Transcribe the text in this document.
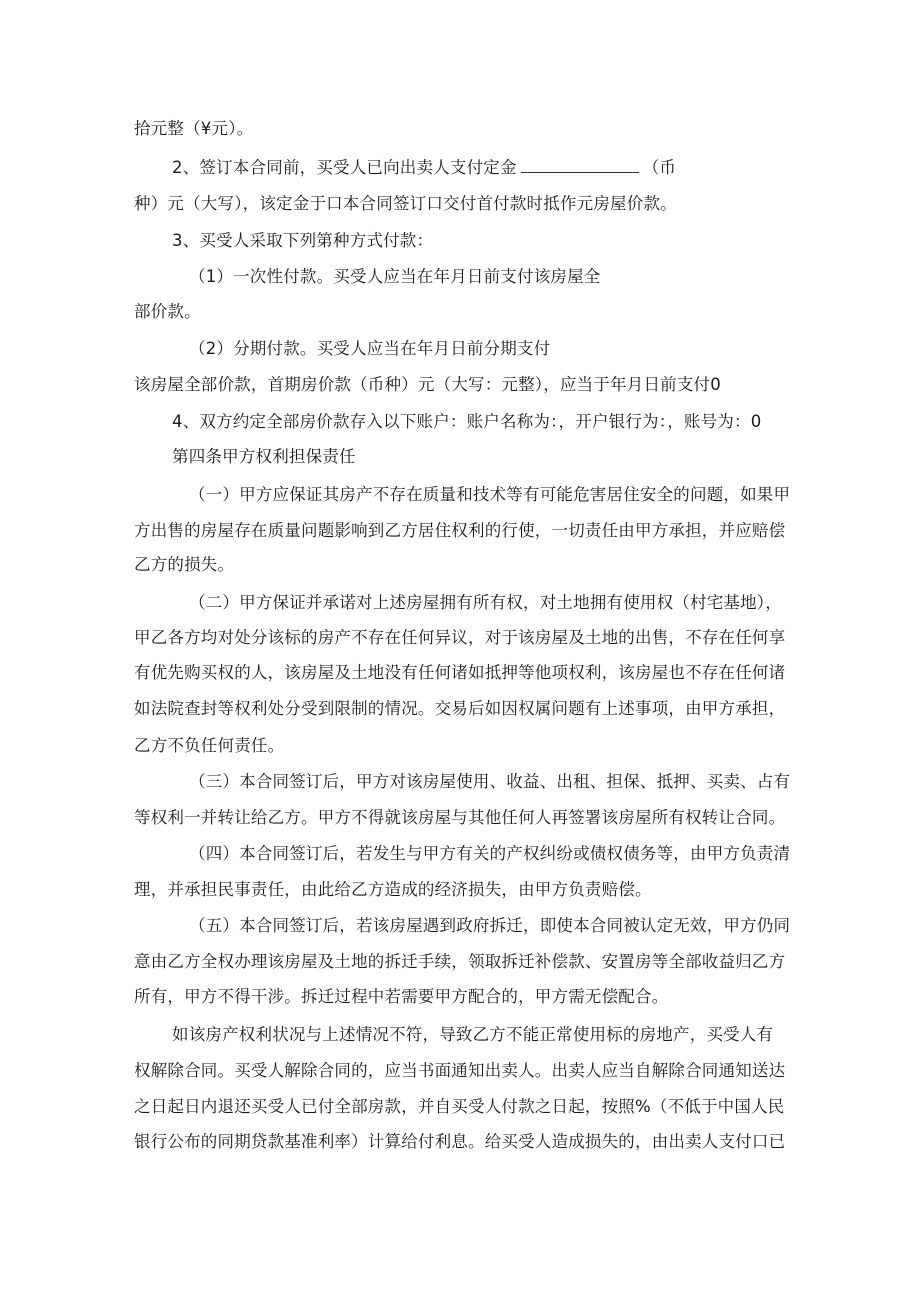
拾元整（¥元）。
2、签订本合同前，买受人已向出卖人支付定金	（币
种）元（大写），该定金于口本合同签订口交付首付款时抵作元房屋价款。
3、买受人采取下列第种方式付款：
（1）一次性付款。买受人应当在年月日前支付该房屋全
部价款。
（2）分期付款。买受人应当在年月日前分期支付
该房屋全部价款，首期房价款（币种）元（大写：元整），应当于年月日前支付0
4、双方约定全部房价款存入以下账户：账户名称为：，开户银行为：，账号为：0
第四条甲方权利担保责任
（一）甲方应保证其房产不存在质量和技术等有可能危害居住安全的问题，如果甲
方出售的房屋存在质量问题影响到乙方居住权利的行使，一切责任由甲方承担，并应赔偿
乙方的损失。
（二）甲方保证并承诺对上述房屋拥有所有权，对土地拥有使用权（村宅基地），
甲乙各方均对处分该标的房产不存在任何异议，对于该房屋及土地的出售，不存在任何享
有优先购买权的人，该房屋及土地没有任何诸如抵押等他项权利，该房屋也不存在任何诸
如法院查封等权利处分受到限制的情况。交易后如因权属问题有上述事项，由甲方承担，
乙方不负任何责任。
（三）本合同签订后，甲方对该房屋使用、收益、出租、担保、抵押、买卖、占有
等权利一并转让给乙方。甲方不得就该房屋与其他任何人再签署该房屋所有权转让合同。
（四）本合同签订后，若发生与甲方有关的产权纠纷或债权债务等，由甲方负责清
理，并承担民事责任，由此给乙方造成的经济损失，由甲方负责赔偿。
（五）本合同签订后，若该房屋遇到政府拆迁，即使本合同被认定无效，甲方仍同
意由乙方全权办理该房屋及土地的拆迁手续，领取拆迁补偿款、安置房等全部收益归乙方
所有，甲方不得干涉。拆迁过程中若需要甲方配合的，甲方需无偿配合。
如该房产权利状况与上述情况不符，导致乙方不能正常使用标的房地产，买受人有
权解除合同。买受人解除合同的，应当书面通知出卖人。出卖人应当自解除合同通知送达
之日起日内退还买受人已付全部房款，并自买受人付款之日起，按照%（不低于中国人民
银行公布的同期贷款基准利率）计算给付利息。给买受人造成损失的，由出卖人支付口已
